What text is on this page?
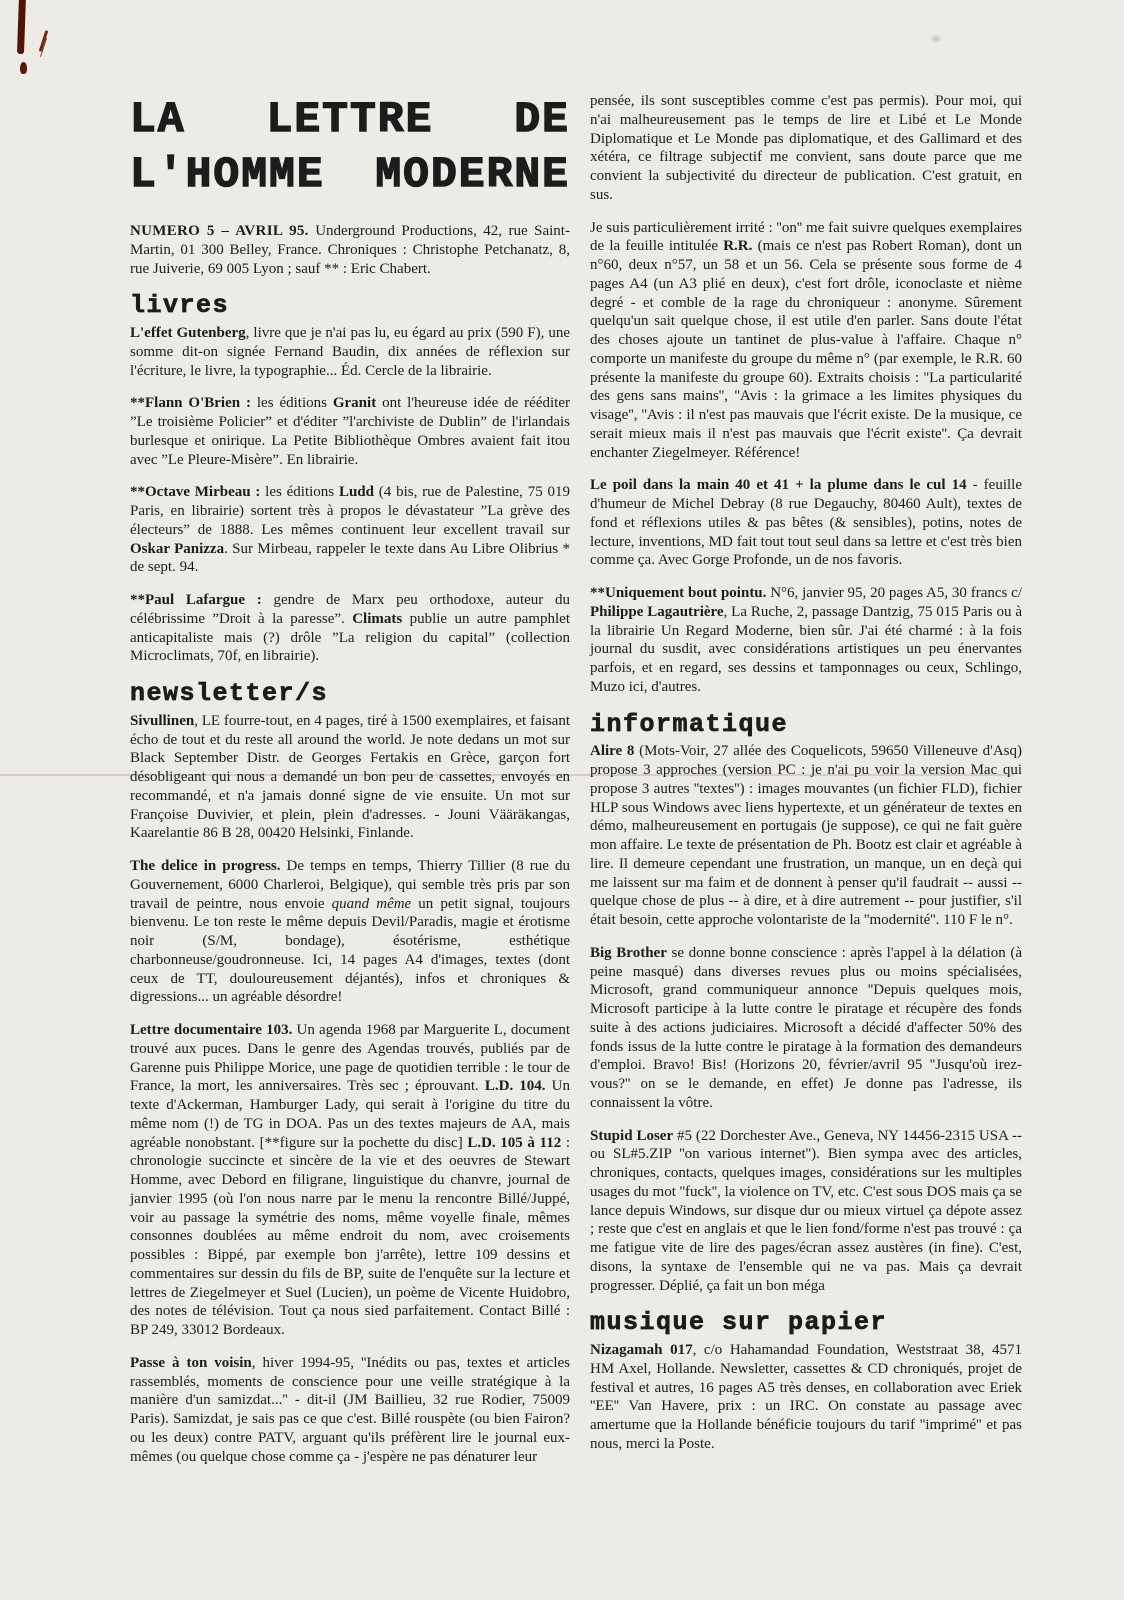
LA LETTRE DE
L'HOMME MODERNE

NUMERO 5 – AVRIL 95. Underground Productions, 42, rue Saint-Martin, 01 300 Belley, France. Chroniques : Christophe Petchanatz, 8, rue Juiverie, 69 005 Lyon ; sauf ** : Eric Chabert.

livres

L'effet Gutenberg, livre que je n'ai pas lu, eu égard au prix (590 F), une somme dit-on signée Fernand Baudin, dix années de réflexion sur l'écriture, le livre, la typographie... Éd. Cercle de la librairie.

**Flann O'Brien : les éditions Granit ont l'heureuse idée de rééditer ”Le troisième Policier” et d'éditer ”l'archiviste de Dublin” de l'irlandais burlesque et onirique. La Petite Bibliothèque Ombres avaient fait itou avec ”Le Pleure-Misère”. En librairie.

**Octave Mirbeau : les éditions Ludd (4 bis, rue de Palestine, 75 019 Paris, en librairie) sortent très à propos le dévastateur ”La grève des électeurs” de 1888. Les mêmes continuent leur excellent travail sur Oskar Panizza. Sur Mirbeau, rappeler le texte dans Au Libre Olibrius * de sept. 94.

**Paul Lafargue : gendre de Marx peu orthodoxe, auteur du célébrissime ”Droit à la paresse”. Climats publie un autre pamphlet anticapitaliste mais (?) drôle ”La religion du capital” (collection Microclimats, 70f, en librairie).

newsletter/s

Sivullinen, LE fourre-tout, en 4 pages, tiré à 1500 exemplaires, et faisant écho de tout et du reste all around the world. Je note dedans un mot sur Black September Distr. de Georges Fertakis en Grèce, garçon fort désobligeant qui nous a demandé un bon peu de cassettes, envoyés en recommandé, et n'a jamais donné signe de vie ensuite. Un mot sur Françoise Duvivier, et plein, plein d'adresses. - Jouni Vääräkangas, Kaarelantie 86 B 28, 00420 Helsinki, Finlande.

The delice in progress. De temps en temps, Thierry Tillier (8 rue du Gouvernement, 6000 Charleroi, Belgique), qui semble très pris par son travail de peintre, nous envoie quand même un petit signal, toujours bienvenu. Le ton reste le même depuis Devil/Paradis, magie et érotisme noir (S/M, bondage), ésotérisme, esthétique charbonneuse/goudronneuse. Ici, 14 pages A4 d'images, textes (dont ceux de TT, douloureusement déjantés), infos et chroniques & digressions... un agréable désordre!

Lettre documentaire 103. Un agenda 1968 par Marguerite L, document trouvé aux puces. Dans le genre des Agendas trouvés, publiés par de Garenne puis Philippe Morice, une page de quotidien terrible : le tour de France, la mort, les anniversaires. Très sec ; éprouvant. L.D. 104. Un texte d'Ackerman, Hamburger Lady, qui serait à l'origine du titre du même nom (!) de TG in DOA. Pas un des textes majeurs de AA, mais agréable nonobstant. [**figure sur la pochette du disc] L.D. 105 à 112 : chronologie succincte et sincère de la vie et des oeuvres de Stewart Homme, avec Debord en filigrane, linguistique du chanvre, journal de janvier 1995 (où l'on nous narre par le menu la rencontre Billé/Juppé, voir au passage la symétrie des noms, même voyelle finale, mêmes consonnes doublées au même endroit du nom, avec croisements possibles : Bippé, par exemple bon j'arrête), lettre 109 dessins et commentaires sur dessin du fils de BP, suite de l'enquête sur la lecture et lettres de Ziegelmeyer et Suel (Lucien), un poème de Vicente Huidobro, des notes de télévision. Tout ça nous sied parfaitement. Contact Billé : BP 249, 33012 Bordeaux.

Passe à ton voisin, hiver 1994-95, ''Inédits ou pas, textes et articles rassemblés, moments de conscience pour une veille stratégique à la manière d'un samizdat...'' - dit-il (JM Baillieu, 32 rue Rodier, 75009 Paris). Samizdat, je sais pas ce que c'est. Billé rouspète (ou bien Fairon? ou les deux) contre PATV, arguant qu'ils préfèrent lire le journal eux-mêmes (ou quelque chose comme ça - j'espère ne pas dénaturer leur

pensée, ils sont susceptibles comme c'est pas permis). Pour moi, qui n'ai malheureusement pas le temps de lire et Libé et Le Monde Diplomatique et Le Monde pas diplomatique, et des Gallimard et des xétéra, ce filtrage subjectif me convient, sans doute parce que me convient la subjectivité du directeur de publication. C'est gratuit, en sus.

Je suis particulièrement irrité : ''on'' me fait suivre quelques exemplaires de la feuille intitulée R.R. (mais ce n'est pas Robert Roman), dont un n°60, deux n°57, un 58 et un 56. Cela se présente sous forme de 4 pages A4 (un A3 plié en deux), c'est fort drôle, iconoclaste et nième degré - et comble de la rage du chroniqueur : anonyme. Sûrement quelqu'un sait quelque chose, il est utile d'en parler. Sans doute l'état des choses ajoute un tantinet de plus-value à l'affaire. Chaque n° comporte un manifeste du groupe du même n° (par exemple, le R.R. 60 présente la manifeste du groupe 60). Extraits choisis : ''La particularité des gens sans mains'', ''Avis : la grimace a les limites physiques du visage'', ''Avis : il n'est pas mauvais que l'écrit existe. De la musique, ce serait mieux mais il n'est pas mauvais que l'écrit existe''. Ça devrait enchanter Ziegelmeyer. Référence!

Le poil dans la main 40 et 41 + la plume dans le cul 14 - feuille d'humeur de Michel Debray (8 rue Degauchy, 80460 Ault), textes de fond et réflexions utiles & pas bêtes (& sensibles), potins, notes de lecture, inventions, MD fait tout tout seul dans sa lettre et c'est très bien comme ça. Avec Gorge Profonde, un de nos favoris.

**Uniquement bout pointu. N°6, janvier 95, 20 pages A5, 30 francs c/ Philippe Lagautrière, La Ruche, 2, passage Dantzig, 75 015 Paris ou à la librairie Un Regard Moderne, bien sûr. J'ai été charmé : à la fois journal du susdit, avec considérations artistiques un peu énervantes parfois, et en regard, ses dessins et tamponnages ou ceux, Schlingo, Muzo ici, d'autres.

informatique

Alire 8 (Mots-Voir, 27 allée des Coquelicots, 59650 Villeneuve d'Asq) propose 3 approches (version PC : je n'ai pu voir la version Mac qui propose 3 autres ''textes'') : images mouvantes (un fichier FLD), fichier HLP sous Windows avec liens hypertexte, et un générateur de textes en démo, malheureusement en portugais (je suppose), ce qui ne fait guère mon affaire. Le texte de présentation de Ph. Bootz est clair et agréable à lire. Il demeure cependant une frustration, un manque, un en deçà qui me laissent sur ma faim et de donnent à penser qu'il faudrait -- aussi -- quelque chose de plus -- à dire, et à dire autrement -- pour justifier, s'il était besoin, cette approche volontariste de la ''modernité''. 110 F le n°.

Big Brother se donne bonne conscience : après l'appel à la délation (à peine masqué) dans diverses revues plus ou moins spécialisées, Microsoft, grand communiqueur annonce ''Depuis quelques mois, Microsoft participe à la lutte contre le piratage et récupère des fonds suite à des actions judiciaires. Microsoft a décidé d'affecter 50% des fonds issus de la lutte contre le piratage à la formation des demandeurs d'emploi. Bravo! Bis! (Horizons 20, février/avril 95 ''Jusqu'où irez-vous?'' on se le demande, en effet) Je donne pas l'adresse, ils connaissent la vôtre.

Stupid Loser #5 (22 Dorchester Ave., Geneva, NY 14456-2315 USA -- ou SL#5.ZIP ''on various internet''). Bien sympa avec des articles, chroniques, contacts, quelques images, considérations sur les multiples usages du mot ''fuck'', la violence on TV, etc. C'est sous DOS mais ça se lance depuis Windows, sur disque dur ou mieux virtuel ça dépote assez ; reste que c'est en anglais et que le lien fond/forme n'est pas trouvé : ça me fatigue vite de lire des pages/écran assez austères (in fine). C'est, disons, la syntaxe de l'ensemble qui ne va pas. Mais ça devrait progresser. Déplié, ça fait un bon méga

musique sur papier

Nizagamah 017, c/o Hahamandad Foundation, Weststraat 38, 4571 HM Axel, Hollande. Newsletter, cassettes & CD chroniqués, projet de festival et autres, 16 pages A5 très denses, en collaboration avec Eriek ''EE'' Van Havere, prix : un IRC. On constate au passage avec amertume que la Hollande bénéficie toujours du tarif ''imprimé'' et pas nous, merci la Poste.
